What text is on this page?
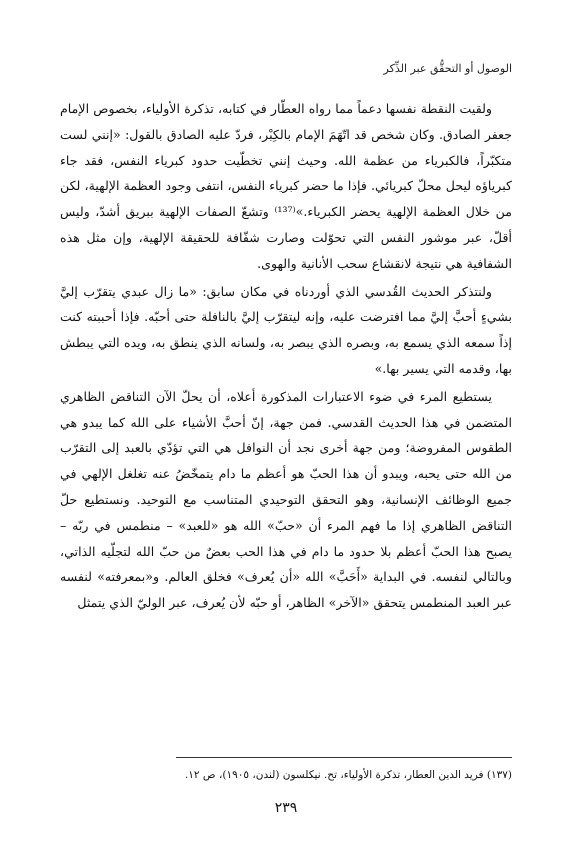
الوصول أو التحقُّق عبر الذِّكر

ولقيت النقطة نفسها دعماً مما رواه العطّار في كتابه، تذكرة الأولياء، بخصوص الإمام جعفر الصادق. وكان شخص قد اتّهَمَ الإمام بالكِبْر، فردّ عليه الصادق بالقول: «إنني لست متكبّراً، فالكبرياء من عظمة الله. وحيث إنني تخطّيت حدود كبرياء النفس، فقد جاء كبرياؤه ليحل محلّ كبريائي. فإذا ما حضر كبرياء النفس، انتفى وجود العظمة الإلهية، لكن من خلال العظمة الإلهية يحضر الكبرياء.»⁽¹³⁷⁾ وتشعّ الصفات الإلهية ببريق أشدّ، وليس أقلّ، عبر موشور النفس التي تحوّلت وصارت شفّافة للحقيقة الإلهية، وإن مثل هذه الشفافية هي نتيجة لانقشاع سحب الأنانية والهوى.

ولنتذكر الحديث القُدسي الذي أوردناه في مكان سابق: «ما زال عبدي يتقرّب إليَّ بشيءٍ أحبَّ إليَّ مما افترضت عليه، وإنه ليتقرّب إليَّ بالنافلة حتى أحبّه. فإذا أحببته كنت إذاً سمعه الذي يسمع به، وبصره الذي يبصر به، ولسانه الذي ينطق به، ويده التي يبطش بها، وقدمه التي يسير بها.»

يستطيع المرء في ضوء الاعتبارات المذكورة أعلاه، أن يحلّ الآن التناقض الظاهري المتضمن في هذا الحديث القدسي. فمن جهة، إنّ أحبَّ الأشياء على الله كما يبدو هي الطقوس المفروضة؛ ومن جهة أخرى نجد أن النوافل هي التي تؤدّي بالعبد إلى التقرّب من الله حتى يحبه، ويبدو أن هذا الحبّ هو أعظم ما دام يتمخّضُ عنه تغلغل الإلهي في جميع الوظائف الإنسانية، وهو التحقق التوحيدي المتناسب مع التوحيد. ونستطيع حلّ التناقض الظاهري إذا ما فهم المرء أن «حبّ» الله هو «للعبد» – منطمس في ربّه – يصبح هذا الحبّ أعظم بلا حدود ما دام في هذا الحب بعضٌ من حبّ الله لتجلّيه الذاتي، وبالتالي لنفسه. في البداية «أَحَبَّ» الله «أن يُعرف» فخلق العالم. و«بمعرفته» لنفسه عبر العبد المنطمس يتحقق «الآخر» الظاهر، أو حبّه لأن يُعرف، عبر الوليّ الذي يتمثل

(١٣٧) فريد الدين العطار، تذكرة الأولياء، تح. نيكلسون (لندن، ١٩٠٥)، ص ١٢.
٢٣٩
